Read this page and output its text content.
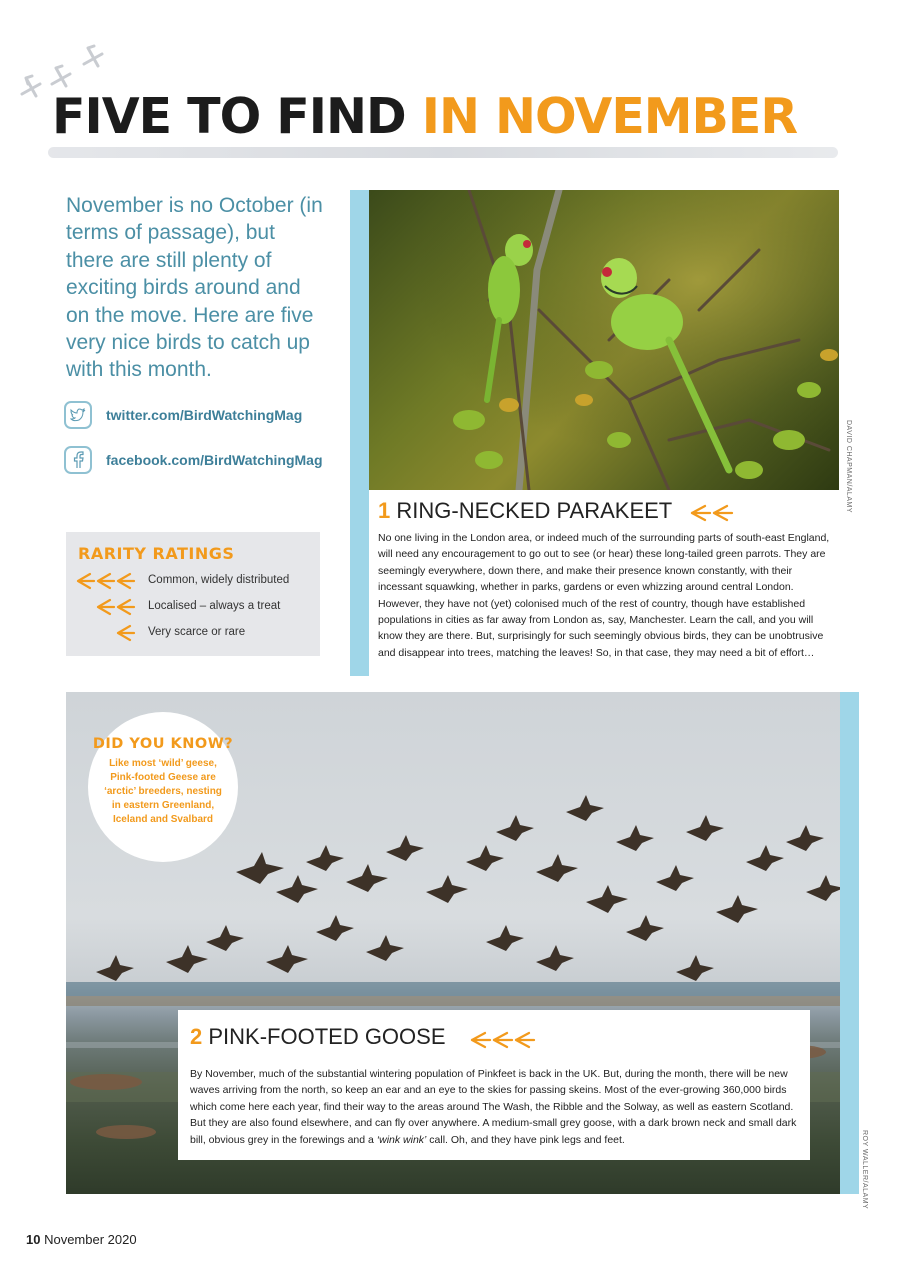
FIVE TO FIND IN NOVEMBER

November is no October (in terms of passage), but there are still plenty of exciting birds around and on the move. Here are five very nice birds to catch up with this month.

twitter.com/BirdWatchingMag
facebook.com/BirdWatchingMag
RARITY RATINGS
Common, widely distributed
Localised – always a treat
Very scarce or rare
DAVID CHAPMAN/ALAMY
1 RING-NECKED PARAKEET

No one living in the London area, or indeed much of the surrounding parts of south-east England, will need any encouragement to go out to see (or hear) these long-tailed green parrots. They are seemingly everywhere, down there, and make their presence known constantly, with their incessant squawking, whether in parks, gardens or even whizzing around central London. However, they have not (yet) colonised much of the rest of country, though have established populations in cities as far away from London as, say, Manchester. Learn the call, and you will know they are there. But, surprisingly for such seemingly obvious birds, they can be unobtrusive and disappear into trees, matching the leaves! So, in that case, they may need a bit of effort…

ROY WALLER/ALAMY
DID YOU KNOW?

Like most ‘wild’ geese, Pink-footed Geese are ‘arctic’ breeders, nesting in eastern Greenland, Iceland and Svalbard

2 PINK-FOOTED GOOSE

By November, much of the substantial wintering population of Pinkfeet is back in the UK. But, during the month, there will be new waves arriving from the north, so keep an ear and an eye to the skies for passing skeins. Most of the ever-growing 360,000 birds which come here each year, find their way to the areas around The Wash, the Ribble and the Solway, as well as eastern Scotland. But they are also found elsewhere, and can fly over anywhere. A medium-small grey goose, with a dark brown neck and small dark bill, obvious grey in the forewings and a ‘wink wink’ call. Oh, and they have pink legs and feet.

10 November 2020
